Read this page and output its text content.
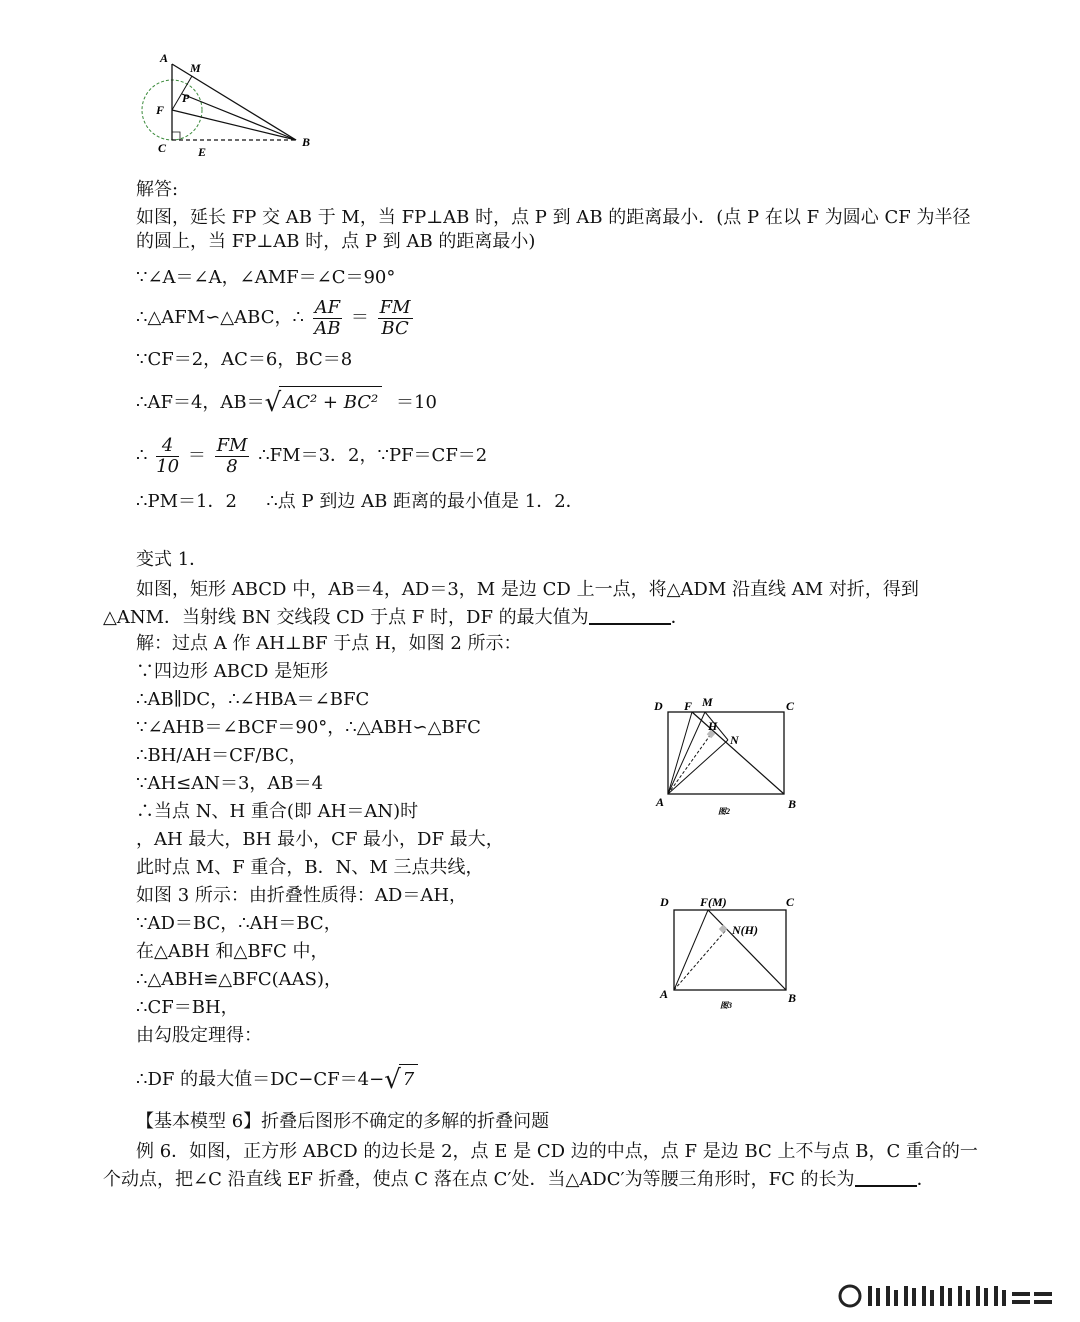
A
M
P
F
C	E
B
解答:
如图，延长 FP 交 AB 于 M，当 FP⊥AB 时，点 P 到 AB 的距离最小．(点 P 在以 F 为圆心 CF 为半径的圆上，当 FP⊥AB 时，点 P 到 AB 的距离最小)
∵∠A＝∠A，∠AMF＝∠C＝90°
∴△AFM∽△ABC，∴ $\frac{AF}{AB} = \frac{FM}{BC}$
∵CF＝2，AC＝6，BC＝8
∴AF＝4，AB＝√ AC² + BC² ＝10
∴ $\frac{4}{10} = \frac{FM}{8}$ ∴FM＝3．2，∵PF＝CF＝2
∴PM＝1．2 　 ∴点 P 到边 AB 距离的最小值是 1．2．
变式 1．
如图，矩形 ABCD 中，AB＝4，AD＝3，M 是边 CD 上一点，将△ADM 沿直线 AM 对折，得到△ANM．当射线 BN 交线段 CD 于点 F 时，DF 的最大值为	．
解：过点 A 作 AH⊥BF 于点 H，如图 2 所示：
∵四边形 ABCD 是矩形
∴AB∥DC，∴∠HBA＝∠BFC
∵∠AHB＝∠BCF＝90°，∴△ABH∽△BFC
∴BH/AH＝CF/BC，
∵AH≤AN＝3，AB＝4
∴当点 N、H 重合(即 AH＝AN)时
，AH 最大，BH 最小，CF 最小，DF 最大，
此时点 M、F 重合，B．N、M 三点共线，
如图 3 所示：由折叠性质得：AD＝AH，
∵AD＝BC，∴AH＝BC，
在△ABH 和△BFC 中，
∴△ABH≌△BFC(AAS)，
∴CF＝BH，
由勾股定理得：
∴DF 的最大值＝DC−CF＝4−√ 7
【基本模型 6】折叠后图形不确定的多解的折叠问题
例 6．如图，正方形 ABCD 的边长是 2，点 E 是 CD 边的中点，点 F 是边 BC 上不与点 B，C 重合的一个动点，把∠C 沿直线 EF 折叠，使点 C 落在点 C′处．当△ADC′为等腰三角形时，FC 的长为	．
D F M	C
H
N
A	B
图2
D	F(M)	C
N(H)
A	B
图3
